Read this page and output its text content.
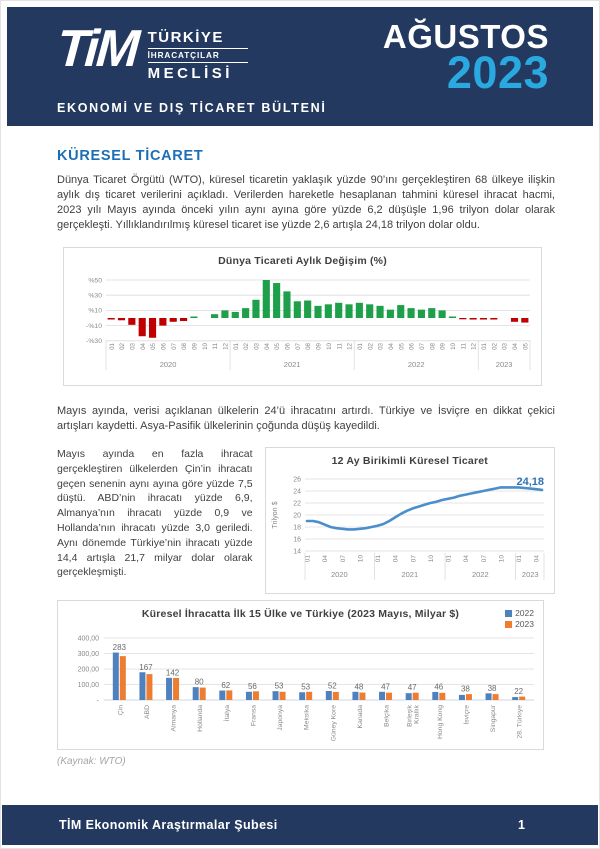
TiM TÜRKİYE
İHRACATÇILAR
MECLİSİ
AĞUSTOS
2023
EKONOMİ VE DIŞ TİCARET BÜLTENİ
KÜRESEL TİCARET

Dünya Ticaret Örgütü (WTO), küresel ticaretin yaklaşık yüzde 90’ını gerçekleştiren 68 ülkeye ilişkin aylık dış ticaret verilerini açıkladı. Verilerden hareketle hesaplanan tahmini küresel ihracat hacmi, 2023 yılı Mayıs ayında önceki yılın aynı ayına göre yüzde 6,2 düşüşle 1,96 trilyon dolar olarak gerçekleşti. Yıllıklandırılmış küresel ticaret ise yüzde 2,6 artışla 24,18 trilyon dolar oldu.

Dünya Ticareti Aylık Değişim (%)
%50
%30
%10
-%10
-%30
01 02 03 04 05 06 07 08 09 10 11 12 01 02 03 04 05 06 07 08 09 10 11 12 01 02 03 04 05 06 07 08 09 10 11 12 01 02 03 04 05
2020	2021	2022	2023

Mayıs ayında, verisi açıklanan ülkelerin 24’ü ihracatını artırdı. Türkiye ve İsviçre en dikkat çekici artışları kaydetti. Asya-Pasifik ülkelerinin çoğunda düşüş kayedildi.

Mayıs ayında en fazla ihracat gerçekleştiren ülkelerden Çin’in ihracatı geçen senenin aynı ayına göre yüzde 7,5 düştü. ABD’nin ihracatı yüzde 6,9, Almanya’nın ihracatı yüzde 0,9 ve Hollanda’nın ihracatı yüzde 3,0 geriledi. Aynı dönemde Türkiye’nin ihracatı yüzde 14,4 artışla 21,7 milyar dolar olarak gerçekleşmişti.

12 Ay Birikimli Küresel Ticaret
14
16
18
20
22
24
26
Trilyon $
24,18
01 04 07 10 01 04 07 10 01 04 07 10 01 04
2020	2021	2022	2023
Küresel İhracatta İlk 15 Ülke ve Türkiye (2023 Mayıs, Milyar $)	2022
2023
400,00
300,00
200,00
100,00
-
283
Çin
167
ABD
142
Almanya
80
Hollanda
62
İtalya
56
Fransa
53
Japonya
53
Meksika
52
Güney Kore
48
Kanada
47
Belçika
47
Birleşik Krallık
46
Hong Kong
38
İsviçre
38
Singapur
22
28. Türkiye
(Kaynak: WTO)
TİM Ekonomik Araştırmalar Şubesi	1
